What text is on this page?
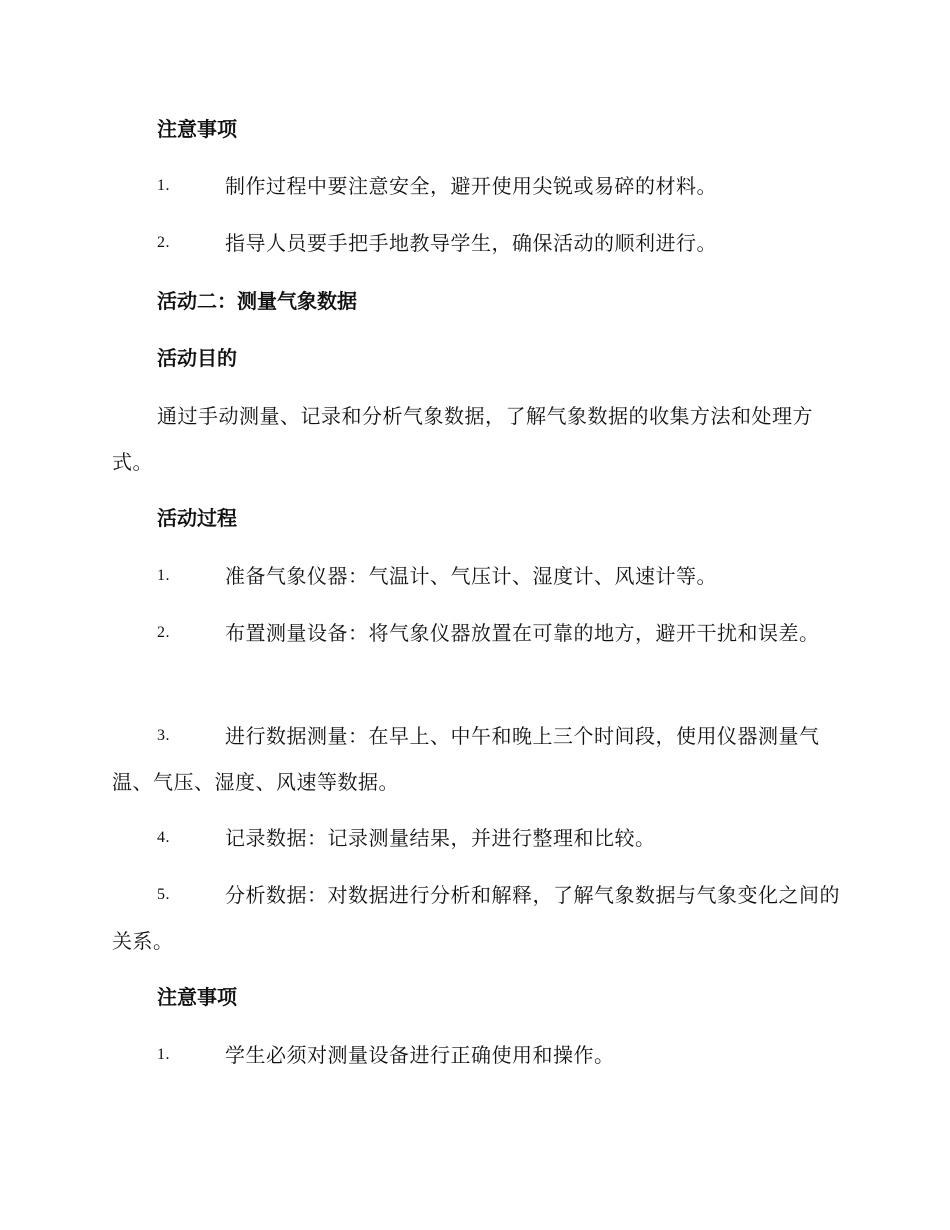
注意事项
1.	制作过程中要注意安全，避开使用尖锐或易碎的材料。
2.	指导人员要手把手地教导学生，确保活动的顺利进行。
活动二：测量气象数据
活动目的
通过手动测量、记录和分析气象数据，了解气象数据的收集方法和处理方式。
活动过程
1.	准备气象仪器：气温计、气压计、湿度计、风速计等。
2.	布置测量设备：将气象仪器放置在可靠的地方，避开干扰和误差。
3.	进行数据测量：在早上、中午和晚上三个时间段，使用仪器测量气温、气压、湿度、风速等数据。
4.	记录数据：记录测量结果，并进行整理和比较。
5.	分析数据：对数据进行分析和解释，了解气象数据与气象变化之间的关系。
注意事项
1.	学生必须对测量设备进行正确使用和操作。
